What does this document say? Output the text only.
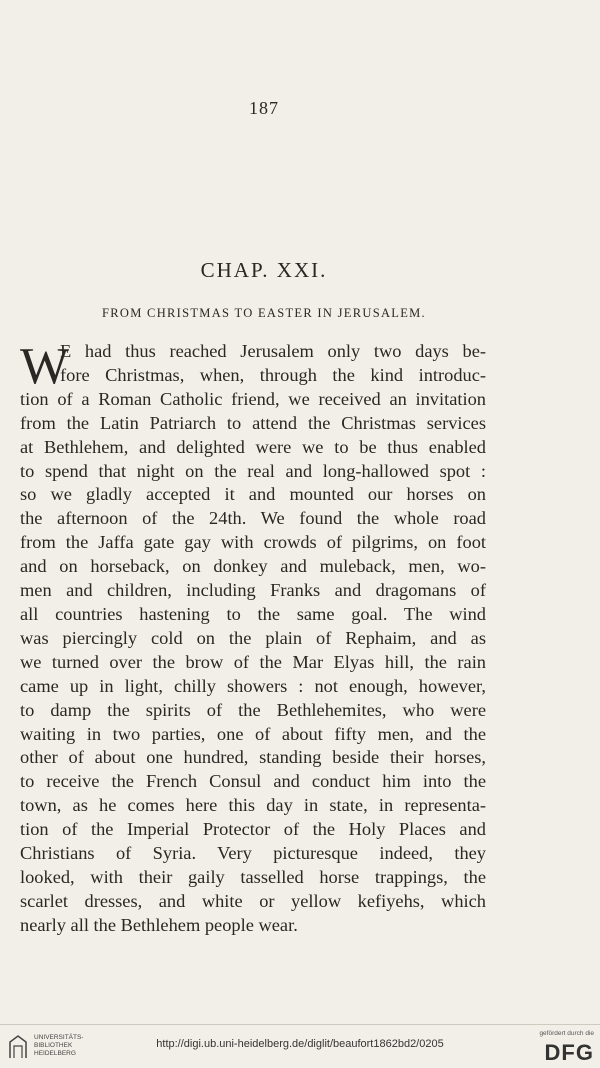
187
CHAP. XXI.
FROM CHRISTMAS TO EASTER IN JERUSALEM.
W
E had thus reached Jerusalem only two days be-
fore Christmas, when, through the kind introduc-
tion of a Roman Catholic friend, we received an invitation
from the Latin Patriarch to attend the Christmas services
at Bethlehem, and delighted were we to be thus enabled
to spend that night on the real and long-hallowed spot :
so we gladly accepted it and mounted our horses on
the afternoon of the 24th. We found the whole road
from the Jaffa gate gay with crowds of pilgrims, on foot
and on horseback, on donkey and muleback, men, wo-
men and children, including Franks and dragomans of
all countries hastening to the same goal. The wind
was piercingly cold on the plain of Rephaim, and as
we turned over the brow of the Mar Elyas hill, the rain
came up in light, chilly showers : not enough, however,
to damp the spirits of the Bethlehemites, who were
waiting in two parties, one of about fifty men, and the
other of about one hundred, standing beside their horses,
to receive the French Consul and conduct him into the
town, as he comes here this day in state, in representa-
tion of the Imperial Protector of the Holy Places and
Christians of Syria. Very picturesque indeed, they
looked, with their gaily tasselled horse trappings, the
scarlet dresses, and white or yellow kefiyehs, which
nearly all the Bethlehem people wear.
UNIVERSITÄTS-
BIBLIOTHEK
HEIDELBERG
http://digi.ub.uni-heidelberg.de/diglit/beaufort1862bd2/0205
gefördert durch die
DFG
